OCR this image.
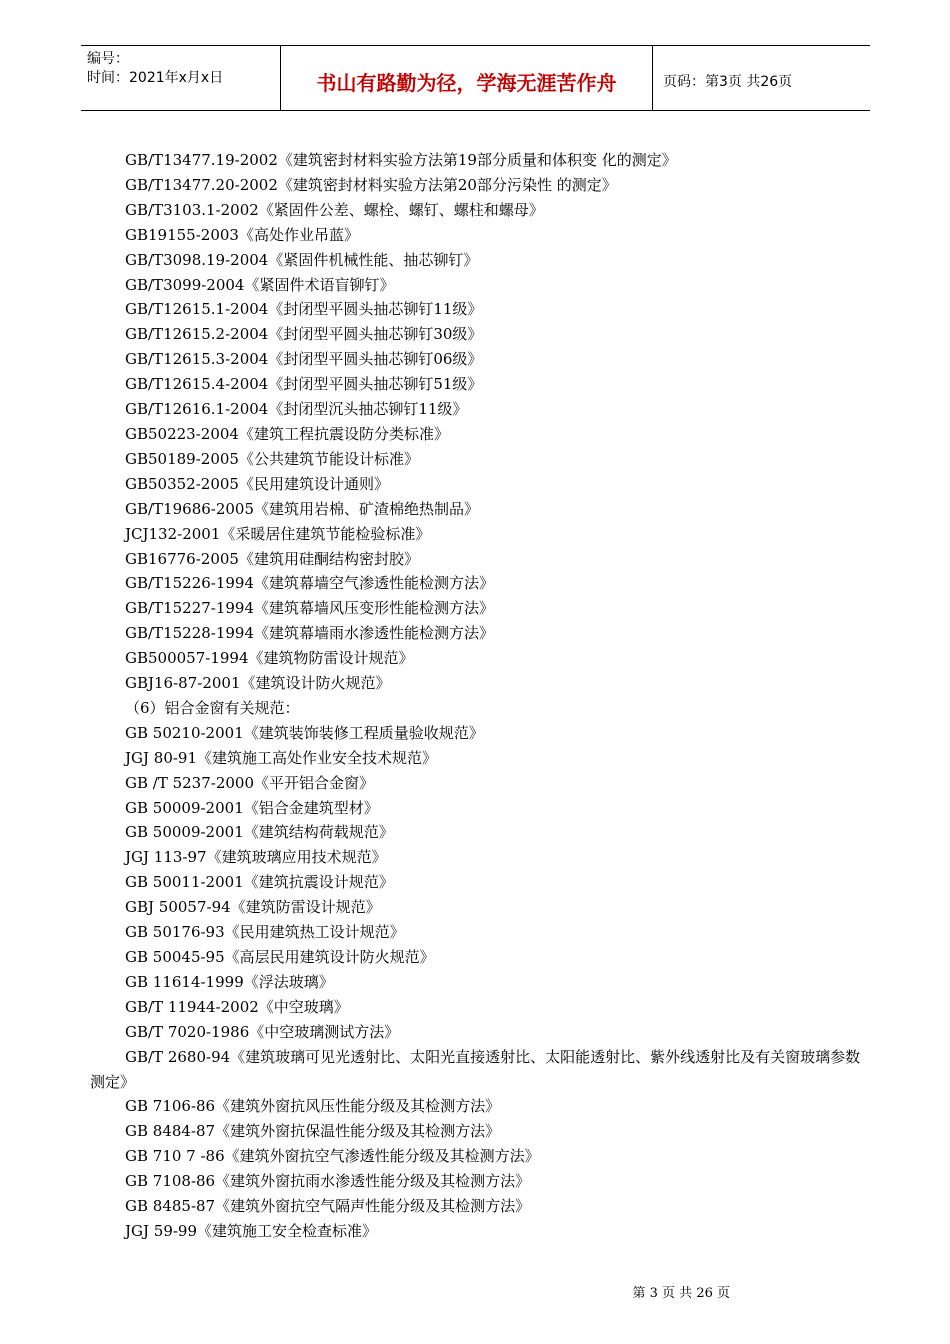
编号：
时间：2021年x月x日	书山有路勤为径，学海无涯苦作舟	页码：第3页 共26页
GB/T13477.19-2002《建筑密封材料实验方法第19部分质量和体积变 化的测定》
GB/T13477.20-2002《建筑密封材料实验方法第20部分污染性 的测定》
GB/T3103.1-2002《紧固件公差、螺栓、螺钉、螺柱和螺母》
GB19155-2003《高处作业吊蓝》
GB/T3098.19-2004《紧固件机械性能、抽芯铆钉》
GB/T3099-2004《紧固件术语盲铆钉》
GB/T12615.1-2004《封闭型平圆头抽芯铆钉11级》
GB/T12615.2-2004《封闭型平圆头抽芯铆钉30级》
GB/T12615.3-2004《封闭型平圆头抽芯铆钉06级》
GB/T12615.4-2004《封闭型平圆头抽芯铆钉51级》
GB/T12616.1-2004《封闭型沉头抽芯铆钉11级》
GB50223-2004《建筑工程抗震设防分类标准》
GB50189-2005《公共建筑节能设计标准》
GB50352-2005《民用建筑设计通则》
GB/T19686-2005《建筑用岩棉、矿渣棉绝热制品》
JCJ132-2001《采暖居住建筑节能检验标准》
GB16776-2005《建筑用硅酮结构密封胶》
GB/T15226-1994《建筑幕墙空气渗透性能检测方法》
GB/T15227-1994《建筑幕墙风压变形性能检测方法》
GB/T15228-1994《建筑幕墙雨水渗透性能检测方法》
GB500057-1994《建筑物防雷设计规范》
GBJ16-87-2001《建筑设计防火规范》
（6）铝合金窗有关规范：
GB 50210-2001《建筑装饰装修工程质量验收规范》
JGJ 80-91《建筑施工高处作业安全技术规范》
GB /T 5237-2000《平开铝合金窗》
GB 50009-2001《铝合金建筑型材》
GB 50009-2001《建筑结构荷载规范》
JGJ 113-97《建筑玻璃应用技术规范》
GB 50011-2001《建筑抗震设计规范》
GBJ 50057-94《建筑防雷设计规范》
GB 50176-93《民用建筑热工设计规范》
GB 50045-95《高层民用建筑设计防火规范》
GB 11614-1999《浮法玻璃》
GB/T 11944-2002《中空玻璃》
GB/T 7020-1986《中空玻璃测试方法》
GB/T 2680-94《建筑玻璃可见光透射比、太阳光直接透射比、太阳能透射比、紫外线透射比及有关窗玻璃参数测定》
GB 7106-86《建筑外窗抗风压性能分级及其检测方法》
GB 8484-87《建筑外窗抗保温性能分级及其检测方法》
GB 710 7 -86《建筑外窗抗空气渗透性能分级及其检测方法》
GB 7108-86《建筑外窗抗雨水渗透性能分级及其检测方法》
GB 8485-87《建筑外窗抗空气隔声性能分级及其检测方法》
JGJ 59-99《建筑施工安全检查标准》
第 3 页 共 26 页
